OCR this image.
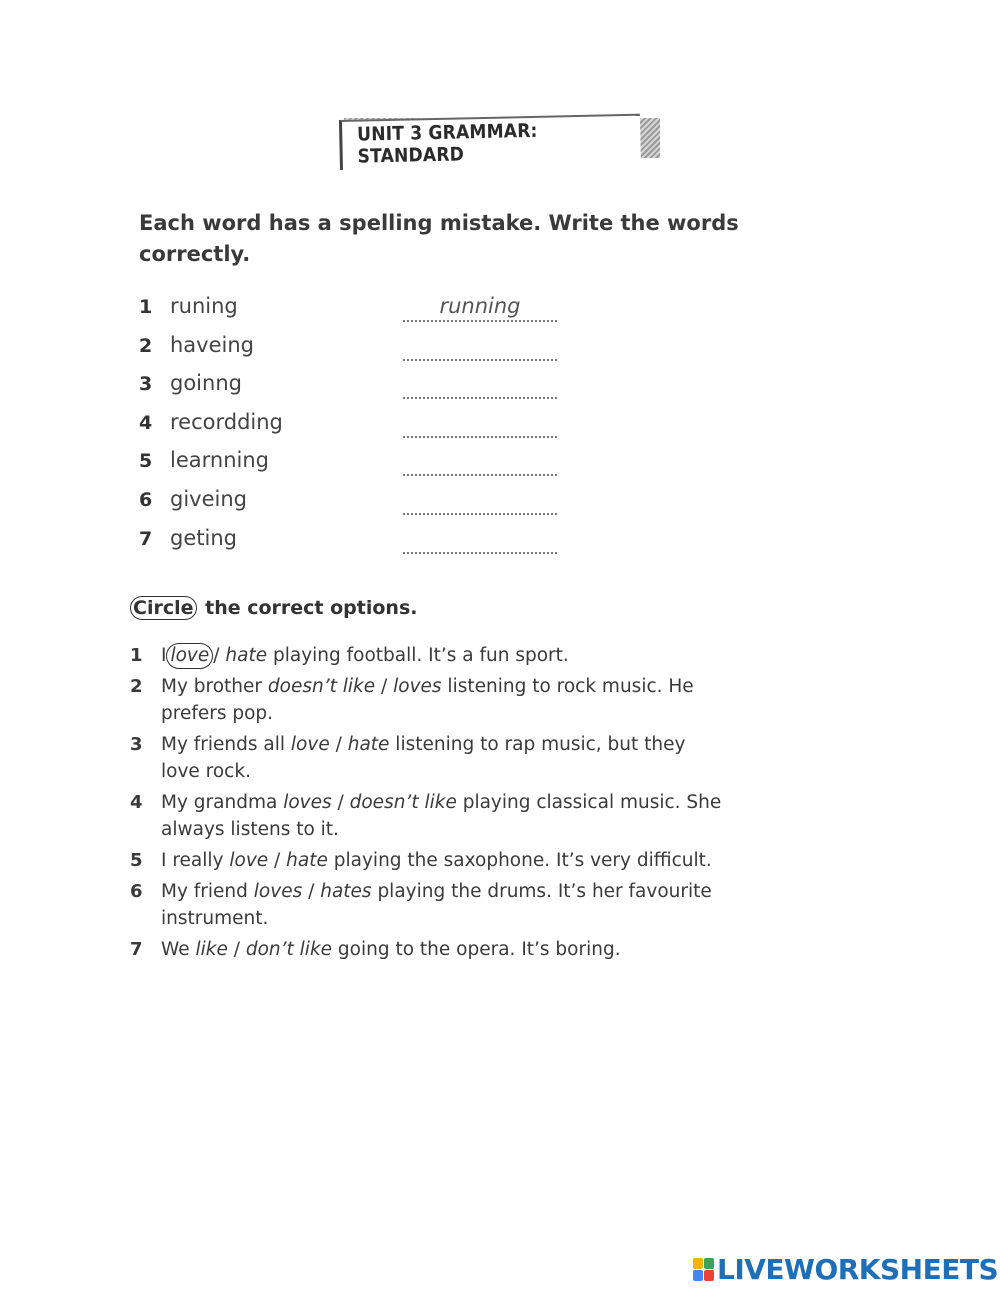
UNIT 3 GRAMMAR: STANDARD
Each word has a spelling mistake. Write the words correctly.
1 runing	running
2 haveing
3 goinng
4 recordding
5 learnning
6 giveing
7 geting
Circle the correct options.
1 I love / hate playing football. It’s a fun sport.
2 My brother doesn’t like / loves listening to rock music. He prefers pop.
3 My friends all love / hate listening to rap music, but they love rock.
4 My grandma loves / doesn’t like playing classical music. She always listens to it.
5 I really love / hate playing the saxophone. It’s very difficult.
6 My friend loves / hates playing the drums. It’s her favourite instrument.
7 We like / don’t like going to the opera. It’s boring.
LIVEWORKSHEETS
